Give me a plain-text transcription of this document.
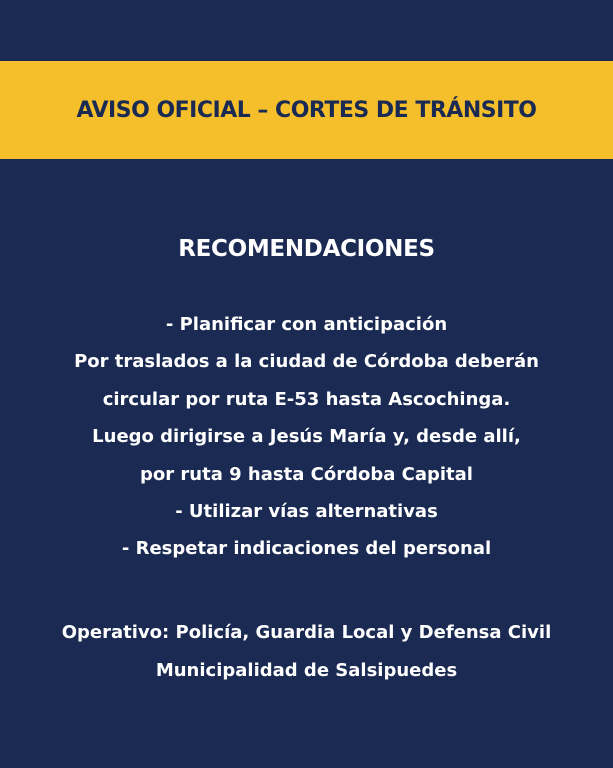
AVISO OFICIAL – CORTES DE TRÁNSITO
RECOMENDACIONES
- Planificar con anticipación
Por traslados a la ciudad de Córdoba deberán
circular por ruta E-53 hasta Ascochinga.
Luego dirigirse a Jesús María y, desde allí,
por ruta 9 hasta Córdoba Capital
- Utilizar vías alternativas
- Respetar indicaciones del personal
Operativo: Policía, Guardia Local y Defensa Civil
Municipalidad de Salsipuedes
